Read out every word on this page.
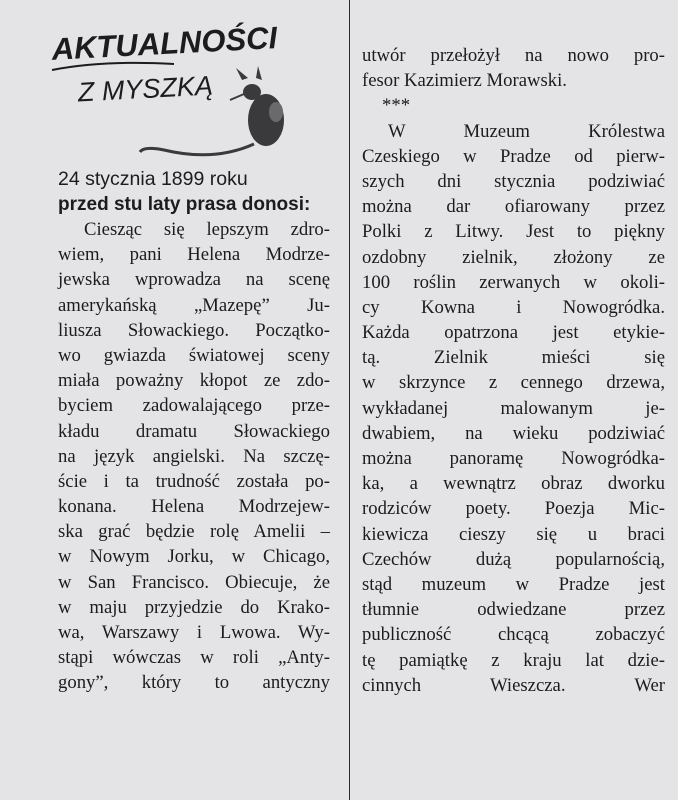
AKTUALNOŚCI
Z MYSZKĄ
24 stycznia 1899 roku
przed stu laty prasa donosi:
Ciesząc się lepszym zdro-
wiem, pani Helena Modrze-
jewska wprowadza na scenę
amerykańską „Mazepę” Ju-
liusza Słowackiego. Początko-
wo gwiazda światowej sceny
miała poważny kłopot ze zdo-
byciem zadowalającego prze-
kładu dramatu Słowackiego
na język angielski. Na szczę-
ście i ta trudność została po-
konana. Helena Modrzejew-
ska grać będzie rolę Amelii –
w Nowym Jorku, w Chicago,
w San Francisco. Obiecuje, że
w maju przyjedzie do Krako-
wa, Warszawy i Lwowa. Wy-
stąpi wówczas w roli „Anty-
gony”, który to antyczny
utwór przełożył na nowo pro-
fesor Kazimierz Morawski.
***
W Muzeum Królestwa
Czeskiego w Pradze od pierw-
szych dni stycznia podziwiać
można dar ofiarowany przez
Polki z Litwy. Jest to piękny
ozdobny zielnik, złożony ze
100 roślin zerwanych w okoli-
cy Kowna i Nowogródka.
Każda opatrzona jest etykie-
tą. Zielnik mieści się
w skrzynce z cennego drzewa,
wykładanej malowanym je-
dwabiem, na wieku podziwiać
można panoramę Nowogródka-
ka, a wewnątrz obraz dworku
rodziców poety. Poezja Mic-
kiewicza cieszy się u braci
Czechów dużą popularnością,
stąd muzeum w Pradze jest
tłumnie odwiedzane przez
publiczność chcącą zobaczyć
tę pamiątkę z kraju lat dzie-
cinnych Wieszcza. Wer
